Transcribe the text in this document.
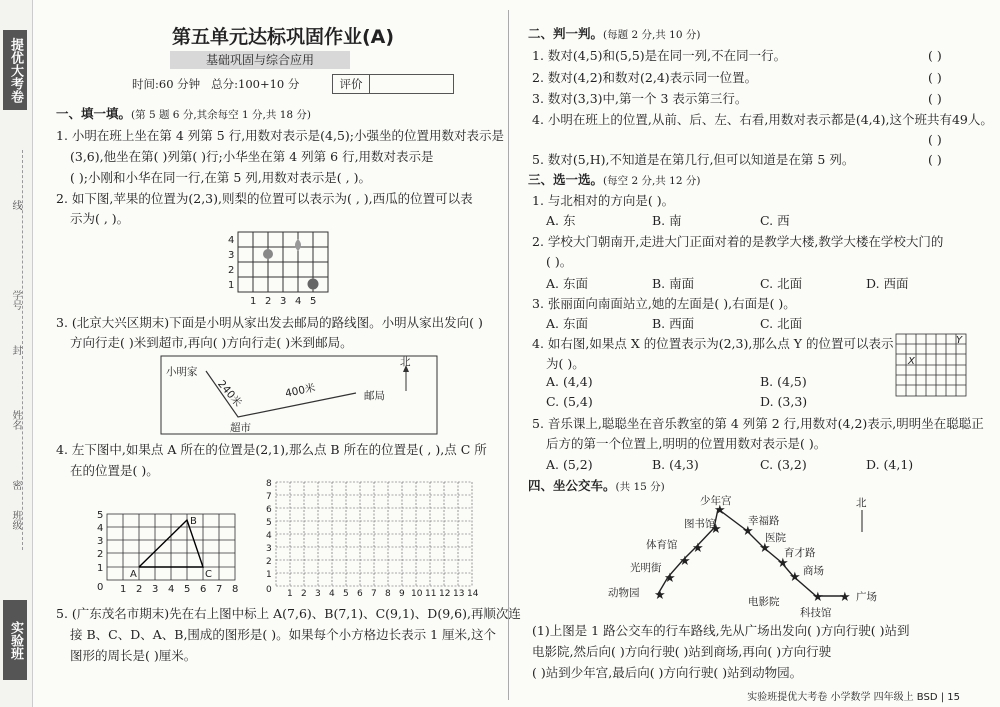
提优大考卷
线
封
密
学号
姓名
班级
实验班
第五单元达标巩固作业(A)
基础巩固与综合应用
时间:60 分钟 总分:100+10 分	评价
一、填一填。(第 5 题 6 分,其余每空 1 分,共 18 分)
1. 小明在班上坐在第 4 列第 5 行,用数对表示是(4,5);小强坐的位置用数对表示是
(3,6),他坐在第( )列第( )行;小华坐在第 4 列第 6 行,用数对表示是
( );小刚和小华在同一行,在第 5 列,用数对表示是( , )。
2. 如下图,苹果的位置为(2,3),则梨的位置可以表示为( , ),西瓜的位置可以表
示为( , )。
4
3
2
1
1 2 3 4 5
3. (北京大兴区期末)下面是小明从家出发去邮局的路线图。小明从家出发向( )
方向行走( )米到超市,再向( )方向行走( )米到邮局。
小明家
超市
邮局
240米	400米
北
4. 左下图中,如果点 A 所在的位置是(2,1),那么点 B 所在的位置是( , ),点 C 所
在的位置是( )。
A
B
C
5
4
3
2
1
0 1 2 3 4 5 6 7 8
8
7
6
5
4
3
2
1
0 1 2 3 4 5 6 7 8 9 10 11 12 13 14
5. (广东茂名市期末)先在右上图中标上 A(7,6)、B(7,1)、C(9,1)、D(9,6),再顺次连
接 B、C、D、A、B,围成的图形是( )。如果每个小方格边长表示 1 厘米,这个
图形的周长是( )厘米。
二、判一判。(每题 2 分,共 10 分)
1. 数对(4,5)和(5,5)是在同一列,不在同一行。	( )
2. 数对(4,2)和数对(2,4)表示同一位置。	( )
3. 数对(3,3)中,第一个 3 表示第三行。	( )
4. 小明在班上的位置,从前、后、左、右看,用数对表示都是(4,4),这个班共有49人。
( )
5. 数对(5,H),不知道是在第几行,但可以知道是在第 5 列。	( )
三、选一选。(每空 2 分,共 12 分)
1. 与北相对的方向是( )。
A. 东	B. 南	C. 西
2. 学校大门朝南开,走进大门正面对着的是教学大楼,教学大楼在学校大门的
( )。
A. 东面	B. 南面	C. 北面	D. 西面
3. 张丽面向南面站立,她的左面是( ),右面是( )。
A. 东面	B. 西面	C. 北面
4. 如右图,如果点 X 的位置表示为(2,3),那么点 Y 的位置可以表示
为( )。	X
Y
A. (4,4)	B. (4,5)
C. (5,4)	D. (3,3)
5. 音乐课上,聪聪坐在音乐教室的第 4 列第 2 行,用数对(4,2)表示,明明坐在聪聪正
后方的第一个位置上,明明的位置用数对表示是( )。
A. (5,2)	B. (4,3)	C. (3,2)	D. (4,1)
四、坐公交车。(共 15 分)
★
★
★
★
★
★
★
★
★
★
★ ★
少年宫
图书馆	幸福路
体育馆
医院
光明街
育才路
商场
动物园
电影院
科技馆
广场
北
(1)上图是 1 路公交车的行车路线,先从广场出发向( )方向行驶( )站到
电影院,然后向( )方向行驶( )站到商场,再向( )方向行驶
( )站到少年宫,最后向( )方向行驶( )站到动物园。
实验班提优大考卷 小学数学 四年级上 BSD | 15
